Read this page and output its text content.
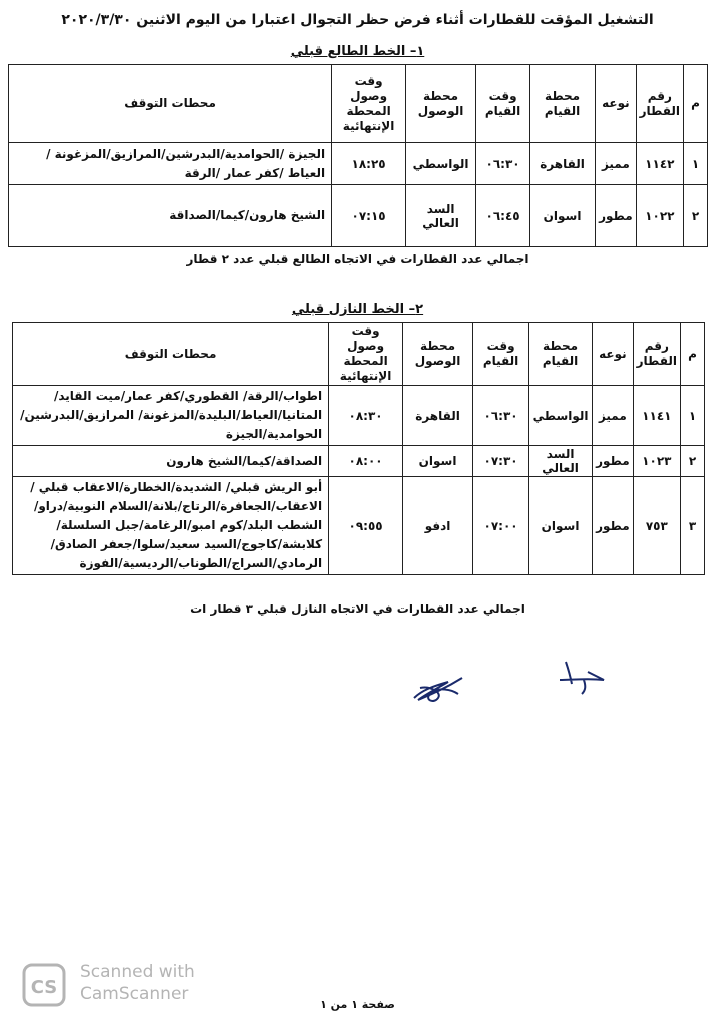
التشغيل المؤقت للقطارات أثناء فرض حظر التجوال اعتبارا من اليوم الاثنين ٢٠٢٠/٣/٣٠
١– الخط الطالع قبلي
م	رقم القطار	نوعه	محطة القيام	وقت القيام	محطة الوصول	وقت وصول المحطة الإنتهائية	محطات التوقف
١	١١٤٢	مميز	القاهرة	٠٦:٣٠	الواسطي	١٨:٢٥	الجيزة /الحوامدية/البدرشين/المرازيق/المزغونة /العياط /كفر عمار /الرقة
٢	١٠٢٢	مطور	اسوان	٠٦:٤٥	السد العالي	٠٧:١٥	الشيخ هارون/كيما/الصداقة
اجمالي عدد القطارات في الاتجاه الطالع قبلي عدد ٢ قطار
٢– الخط النازل قبلي
م	رقم القطار	نوعه	محطة القيام	وقت القيام	محطة الوصول	وقت وصول المحطة الإنتهائية	محطات التوقف
١	١١٤١	مميز	الواسطي	٠٦:٣٠	القاهرة	٠٨:٣٠	اطواب/الرقة/ القطوري/كفر عمار/ميت القايد/المتانيا/العياط/البليدة/المزغونة/ المرازيق/البدرشين/الحوامدية/الجيزة
٢	١٠٢٣	مطور	السد العالي	٠٧:٣٠	اسوان	٠٨:٠٠	الصداقة/كيما/الشيخ هارون
٣	٧٥٣	مطور	اسوان	٠٧:٠٠	ادفو	٠٩:٥٥	أبو الريش قبلي/ الشديدة/الخطارة/الاعقاب قبلي /الاعقاب/الجعافرة/الرتاج/بلانة/السلام النوبية/دراو/الشطب البلد/كوم امبو/الرغامة/جبل السلسلة/كلابشة/كاجوج/السيد سعيد/سلوا/جعفر الصادق/الرمادي/السراج/الطوناب/الرديسية/الفوزة
اجمالي عدد القطارات في الاتجاه النازل قبلي ٣ قطار ات
CS
Scanned with
CamScanner
صفحة ١ من ١
